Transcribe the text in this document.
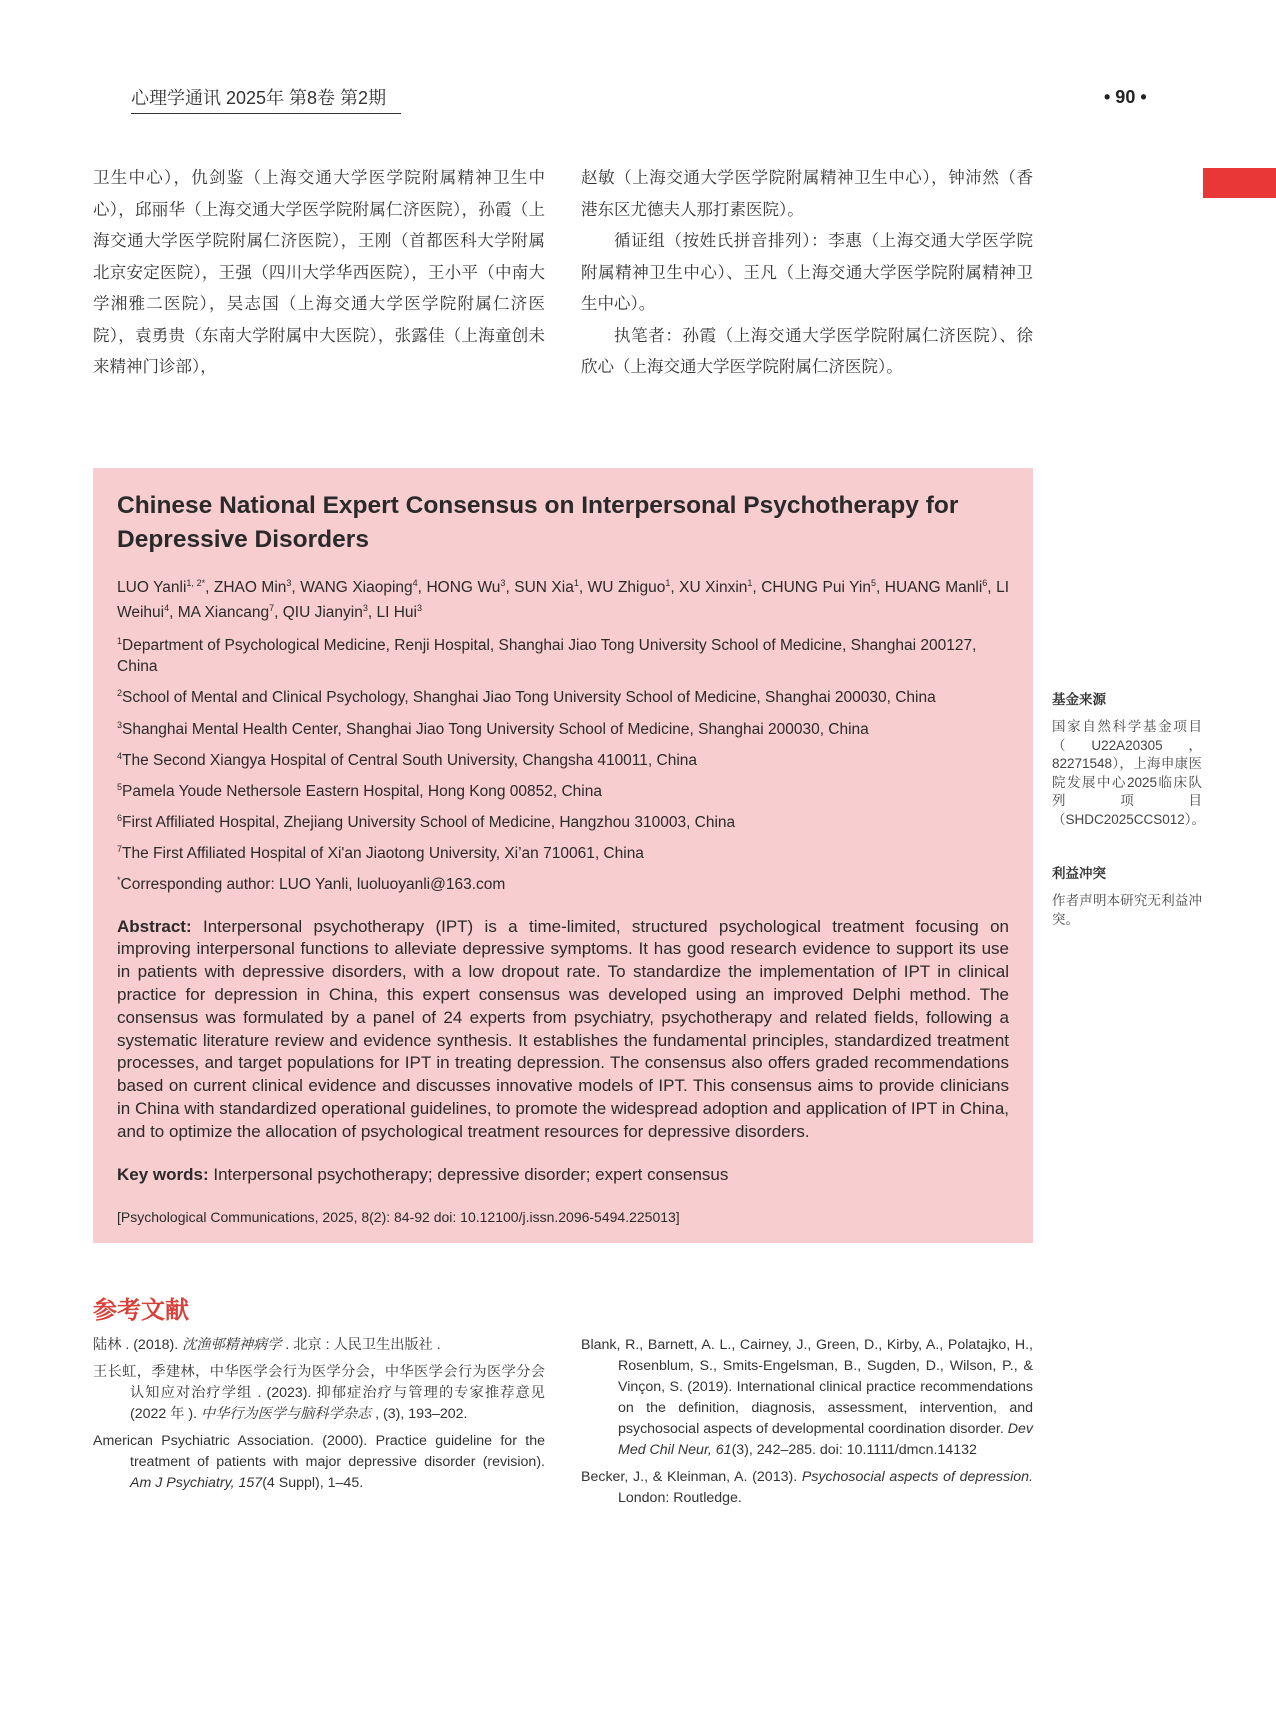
心理学通讯 2025年 第8卷 第2期	• 90 •

卫生中心），仇剑鉴（上海交通大学医学院附属精神卫生中心），邱丽华（上海交通大学医学院附属仁济医院），孙霞（上海交通大学医学院附属仁济医院），王刚（首都医科大学附属北京安定医院），王强（四川大学华西医院），王小平（中南大学湘雅二医院），吴志国（上海交通大学医学院附属仁济医院），袁勇贵（东南大学附属中大医院），张露佳（上海童创未来精神门诊部），

赵敏（上海交通大学医学院附属精神卫生中心），钟沛然（香港东区尤德夫人那打素医院）。

循证组（按姓氏拼音排列）：李惠（上海交通大学医学院附属精神卫生中心）、王凡（上海交通大学医学院附属精神卫生中心）。

执笔者：孙霞（上海交通大学医学院附属仁济医院）、徐欣心（上海交通大学医学院附属仁济医院）。

Chinese National Expert Consensus on Interpersonal Psychotherapy for Depressive Disorders

LUO Yanli$^{1, 2*}$, ZHAO Min$^3$, WANG Xiaoping$^4$, HONG Wu$^3$, SUN Xia$^1$, WU Zhiguo$^1$, XU Xinxin$^1$, CHUNG Pui Yin$^5$, HUANG Manli$^6$, LI Weihui$^4$, MA Xiancang$^7$, QIU Jianyin$^3$, LI Hui$^3$

$^1$Department of Psychological Medicine, Renji Hospital, Shanghai Jiao Tong University School of Medicine, Shanghai 200127, China

$^2$School of Mental and Clinical Psychology, Shanghai Jiao Tong University School of Medicine, Shanghai 200030, China

$^3$Shanghai Mental Health Center, Shanghai Jiao Tong University School of Medicine, Shanghai 200030, China

$^4$The Second Xiangya Hospital of Central South University, Changsha 410011, China

$^5$Pamela Youde Nethersole Eastern Hospital, Hong Kong 00852, China

$^6$First Affiliated Hospital, Zhejiang University School of Medicine, Hangzhou 310003, China

$^7$The First Affiliated Hospital of Xi'an Jiaotong University, Xi’an 710061, China

*Corresponding author: LUO Yanli, luoluoyanli@163.com

Abstract: Interpersonal psychotherapy (IPT) is a time-limited, structured psychological treatment focusing on improving interpersonal functions to alleviate depressive symptoms. It has good research evidence to support its use in patients with depressive disorders, with a low dropout rate. To standardize the implementation of IPT in clinical practice for depression in China, this expert consensus was developed using an improved Delphi method. The consensus was formulated by a panel of 24 experts from psychiatry, psychotherapy and related fields, following a systematic literature review and evidence synthesis. It establishes the fundamental principles, standardized treatment processes, and target populations for IPT in treating depression. The consensus also offers graded recommendations based on current clinical evidence and discusses innovative models of IPT. This consensus aims to provide clinicians in China with standardized operational guidelines, to promote the widespread adoption and application of IPT in China, and to optimize the allocation of psychological treatment resources for depressive disorders.

Key words: Interpersonal psychotherapy; depressive disorder; expert consensus

[Psychological Communications, 2025, 8(2): 84-92 doi: 10.12100/j.issn.2096-5494.225013]

基金来源
国家自然科学基金项目（U22A20305，82271548），上海申康医院发展中心2025临床队列项目（SHDC2025CCS012）。
利益冲突
作者声明本研究无利益冲突。
参考文献

陆林 . (2018). 沈渔邨精神病学 . 北京 : 人民卫生出版社 .

王长虹，季建林，中华医学会行为医学分会，中华医学会行为医学分会认知应对治疗学组 . (2023). 抑郁症治疗与管理的专家推荐意见 (2022 年 ). 中华行为医学与脑科学杂志 , (3), 193–202.

American Psychiatric Association. (2000). Practice guideline for the treatment of patients with major depressive disorder (revision). Am J Psychiatry, 157(4 Suppl), 1–45.

Blank, R., Barnett, A. L., Cairney, J., Green, D., Kirby, A., Polatajko, H., Rosenblum, S., Smits-Engelsman, B., Sugden, D., Wilson, P., & Vinçon, S. (2019). International clinical practice recommendations on the definition, diagnosis, assessment, intervention, and psychosocial aspects of developmental coordination disorder. Dev Med Chil Neur, 61(3), 242–285. doi: 10.1111/dmcn.14132

Becker, J., & Kleinman, A. (2013). Psychosocial aspects of depression. London: Routledge.
